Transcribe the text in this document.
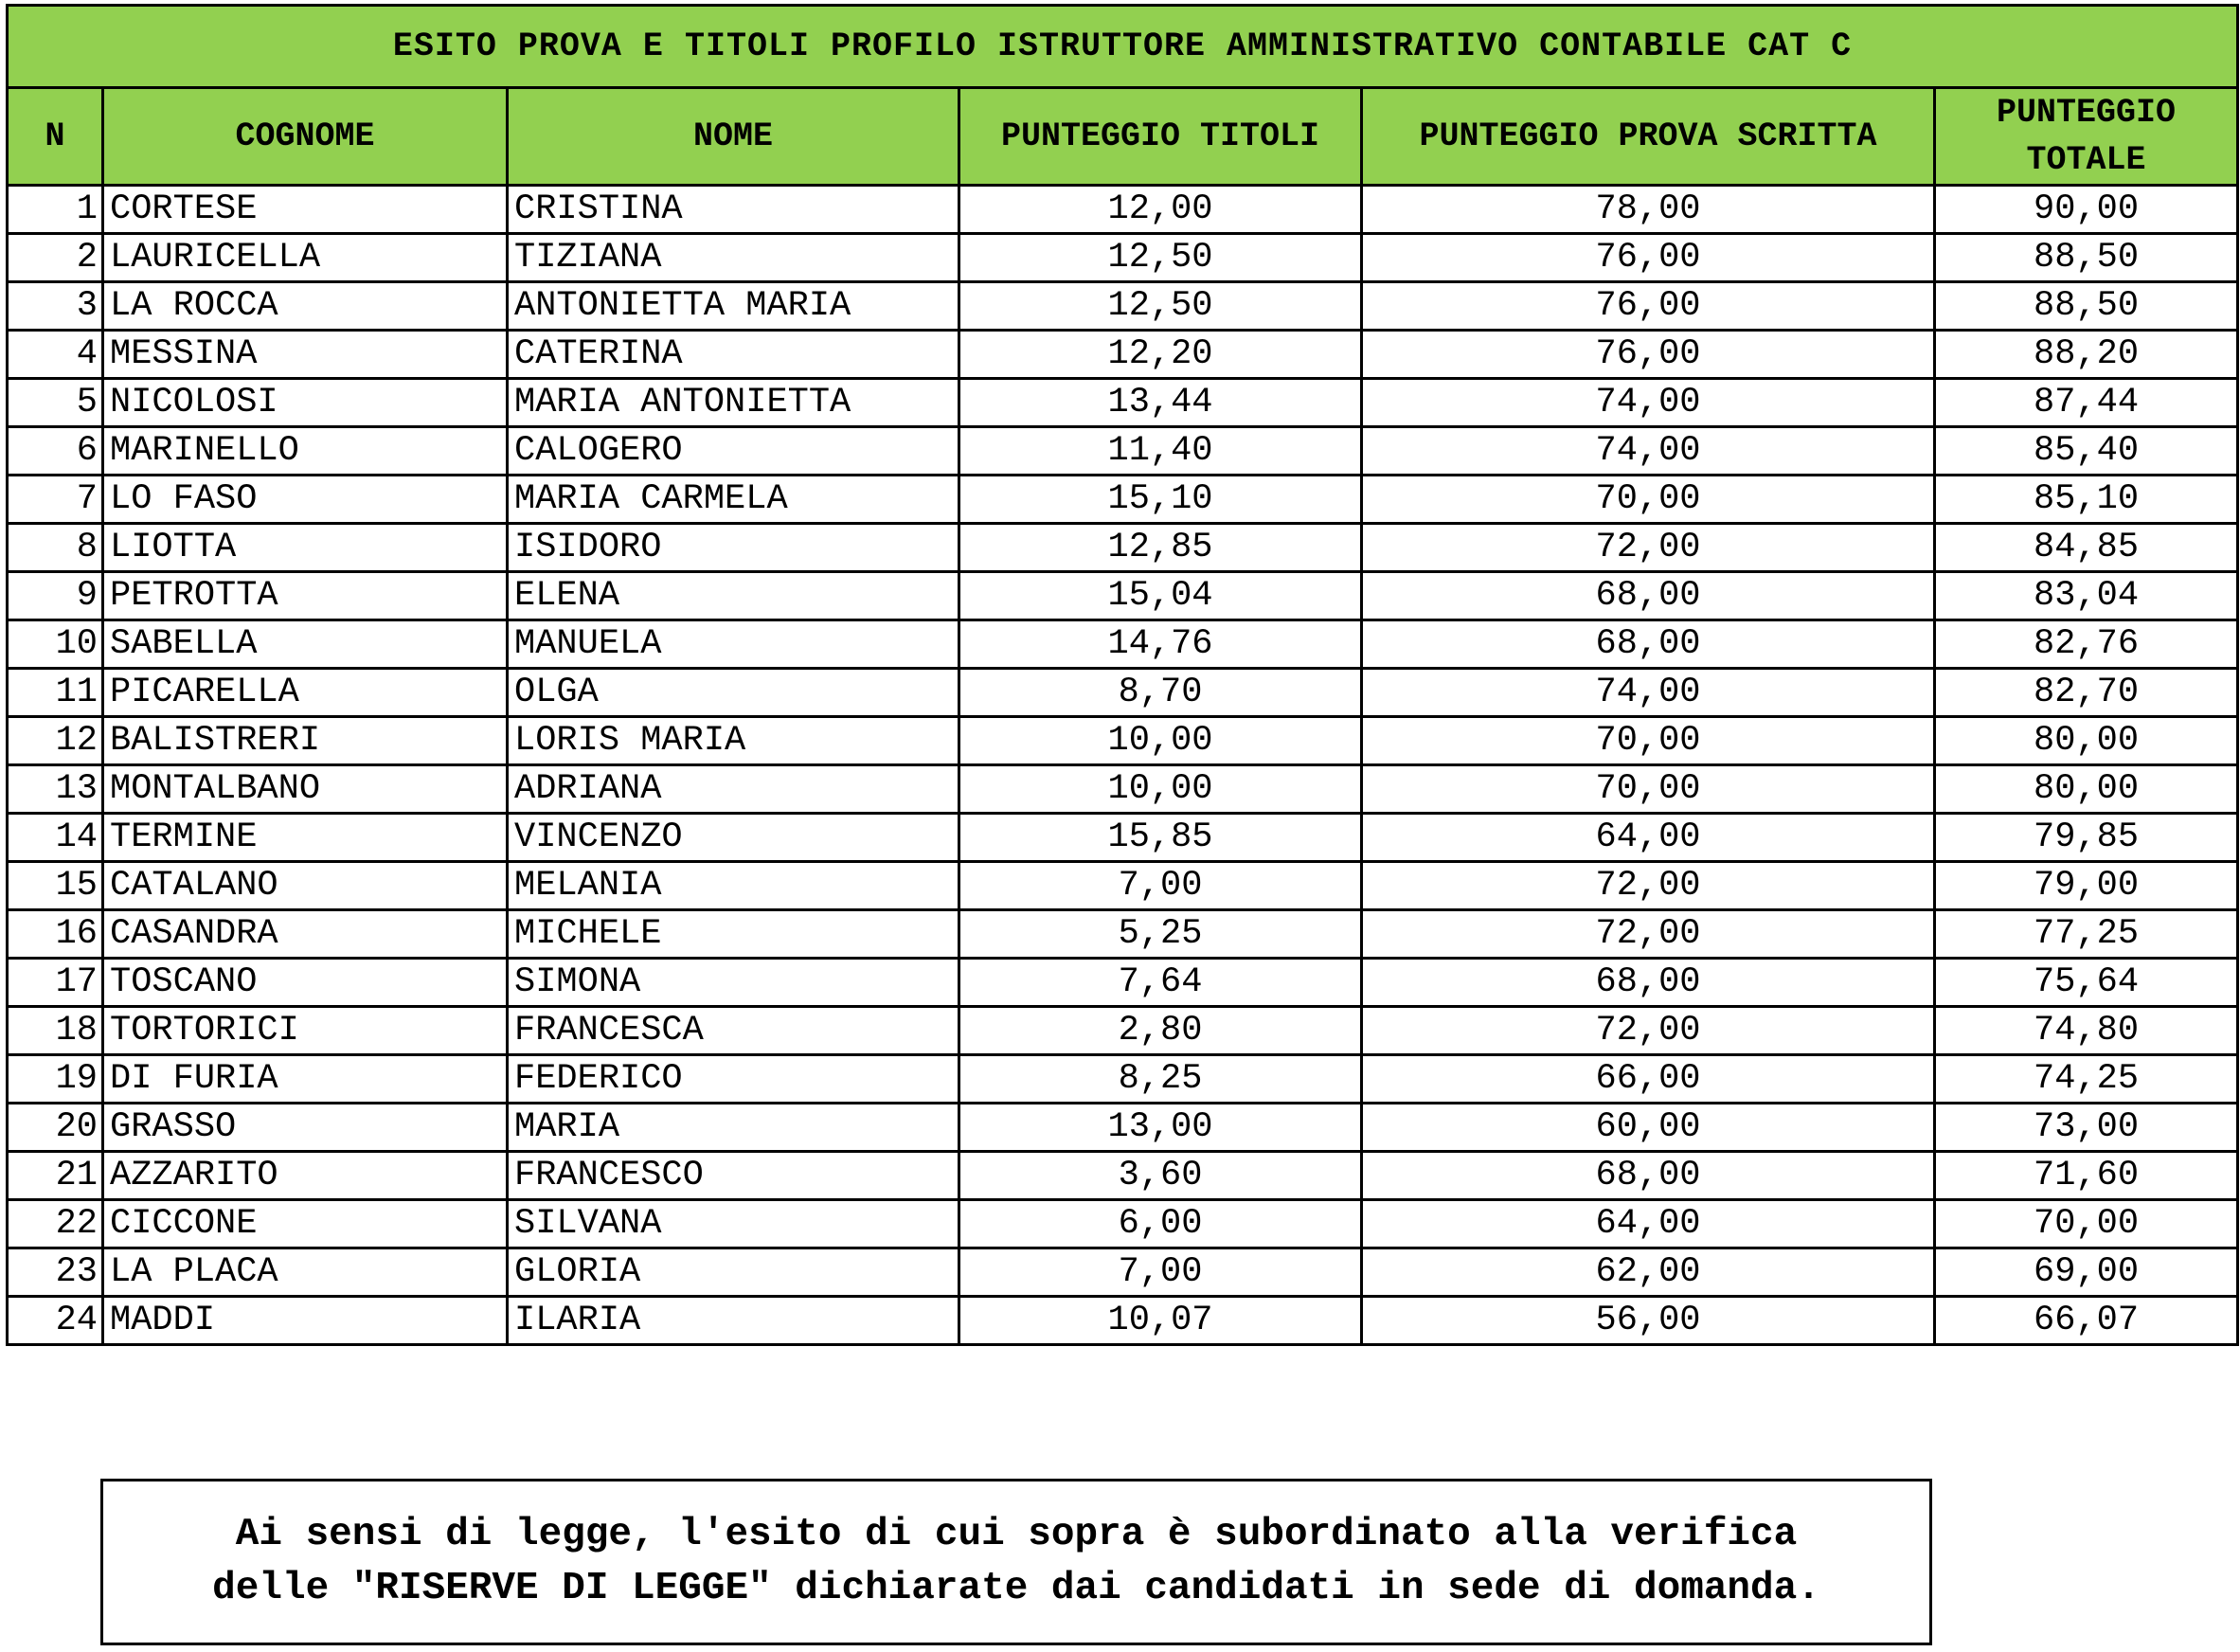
ESITO PROVA E TITOLI PROFILO ISTRUTTORE AMMINISTRATIVO CONTABILE CAT C					
N	COGNOME	NOME	PUNTEGGIO TITOLI	PUNTEGGIO PROVA SCRITTA	PUNTEGGIO TOTALE
1	CORTESE	CRISTINA	12,00	78,00	90,00
2	LAURICELLA	TIZIANA	12,50	76,00	88,50
3	LA ROCCA	ANTONIETTA MARIA	12,50	76,00	88,50
4	MESSINA	CATERINA	12,20	76,00	88,20
5	NICOLOSI	MARIA ANTONIETTA	13,44	74,00	87,44
6	MARINELLO	CALOGERO	11,40	74,00	85,40
7	LO FASO	MARIA CARMELA	15,10	70,00	85,10
8	LIOTTA	ISIDORO	12,85	72,00	84,85
9	PETROTTA	ELENA	15,04	68,00	83,04
10	SABELLA	MANUELA	14,76	68,00	82,76
11	PICARELLA	OLGA	8,70	74,00	82,70
12	BALISTRERI	LORIS MARIA	10,00	70,00	80,00
13	MONTALBANO	ADRIANA	10,00	70,00	80,00
14	TERMINE	VINCENZO	15,85	64,00	79,85
15	CATALANO	MELANIA	7,00	72,00	79,00
16	CASANDRA	MICHELE	5,25	72,00	77,25
17	TOSCANO	SIMONA	7,64	68,00	75,64
18	TORTORICI	FRANCESCA	2,80	72,00	74,80
19	DI FURIA	FEDERICO	8,25	66,00	74,25
20	GRASSO	MARIA	13,00	60,00	73,00
21	AZZARITO	FRANCESCO	3,60	68,00	71,60
22	CICCONE	SILVANA	6,00	64,00	70,00
23	LA PLACA	GLORIA	7,00	62,00	69,00
24	MADDI	ILARIA	10,07	56,00	66,07
Ai sensi di legge, l'esito di cui sopra è subordinato alla verifica
delle "RISERVE DI LEGGE" dichiarate dai candidati in sede di domanda.
